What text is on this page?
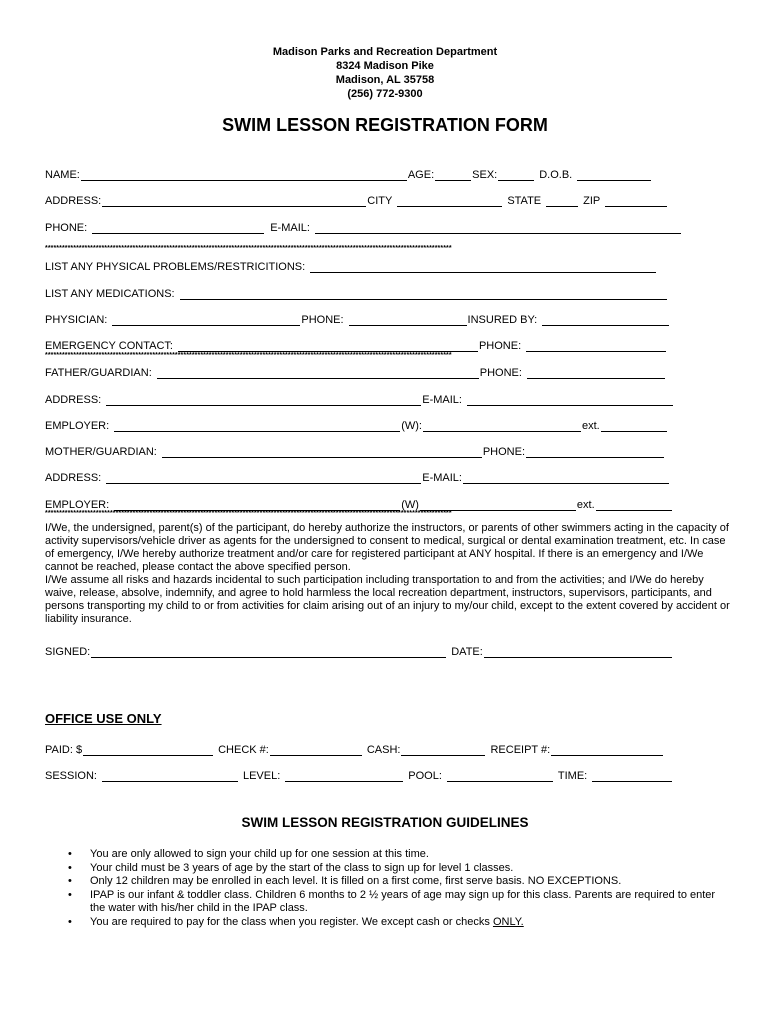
Madison Parks and Recreation Department
8324 Madison Pike
Madison, AL 35758
(256) 772-9300
SWIM LESSON REGISTRATION FORM
NAME:	AGE:	SEX:	D.O.B.
ADDRESS:	CITY	STATE	ZIP
PHONE:	E-MAIL:
************************************************************************************************************************************************
LIST ANY PHYSICAL PROBLEMS/RESTRICITIONS:
LIST ANY MEDICATIONS:
PHYSICIAN:	PHONE:	INSURED BY:
EMERGENCY CONTACT:	PHONE:
************************************************************************************************************************************************
FATHER/GUARDIAN:	PHONE:
ADDRESS:	E-MAIL:
EMPLOYER:	(W):	ext.
MOTHER/GUARDIAN:	PHONE:
ADDRESS:	E-MAIL:
EMPLOYER:	(W)	ext.
************************************************************************************************************************************************

I/We, the undersigned, parent(s) of the participant, do hereby authorize the instructors, or parents of other swimmers acting in the capacity of activity supervisors/vehicle driver as agents for the undersigned to consent to medical, surgical or dental examination treatment, etc. In case of emergency, I/We hereby authorize treatment and/or care for registered participant at ANY hospital. If there is an emergency and I/We cannot be reached, please contact the above specified person.

I/We assume all risks and hazards incidental to such participation including transportation to and from the activities; and I/We do hereby waive, release, absolve, indemnify, and agree to hold harmless the local recreation department, instructors, supervisors, participants, and persons transporting my child to or from activities for claim arising out of an injury to my/our child, except to the extent covered by accident or liability insurance.

SIGNED:	DATE:
OFFICE USE ONLY
PAID: $	CHECK #:	CASH:	RECEIPT #:
SESSION:	LEVEL:	POOL:	TIME:
SWIM LESSON REGISTRATION GUIDELINES
• You are only allowed to sign your child up for one session at this time.
• Your child must be 3 years of age by the start of the class to sign up for level 1 classes.
• Only 12 children may be enrolled in each level. It is filled on a first come, first serve basis. NO EXCEPTIONS.
• IPAP is our infant & toddler class. Children 6 months to 2 ½ years of age may sign up for this class. Parents are required to enter the water with his/her child in the IPAP class.
• You are required to pay for the class when you register. We except cash or checks ONLY.
